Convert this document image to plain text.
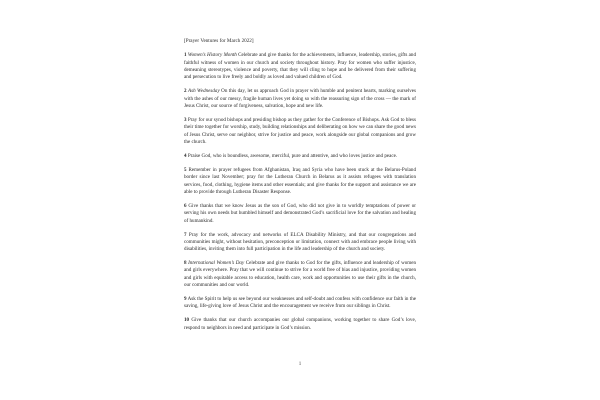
[Prayer Ventures for March 2022]

1 Women’s History Month Celebrate and give thanks for the achievements, influence, leadership, stories, gifts and faithful witness of women in our church and society throughout history. Pray for women who suffer injustice, demeaning stereotypes, violence and poverty, that they will cling to hope and be delivered from their suffering and persecution to live freely and boldly as loved and valued children of God.

2 Ash Wednesday On this day, let us approach God in prayer with humble and penitent hearts, marking ourselves with the ashes of our messy, fragile human lives yet doing so with the reassuring sign of the cross — the mark of Jesus Christ, our source of forgiveness, salvation, hope and new life.

3 Pray for our synod bishops and presiding bishop as they gather for the Conference of Bishops. Ask God to bless their time together for worship, study, building relationships and deliberating on how we can share the good news of Jesus Christ, serve our neighbor, strive for justice and peace, work alongside our global companions and grow the church.

4 Praise God, who is boundless, awesome, merciful, pure and attentive, and who loves justice and peace.

5 Remember in prayer refugees from Afghanistan, Iraq and Syria who have been stuck at the Belarus-Poland border since last November; pray for the Lutheran Church in Belarus as it assists refugees with translation services, food, clothing, hygiene items and other essentials; and give thanks for the support and assistance we are able to provide through Lutheran Disaster Response.

6 Give thanks that we know Jesus as the son of God, who did not give in to worldly temptations of power or serving his own needs but humbled himself and demonstrated God’s sacrificial love for the salvation and healing of humankind.

7 Pray for the work, advocacy and networks of ELCA Disability Ministry, and that our congregations and communities might, without hesitation, preconception or limitation, connect with and embrace people living with disabilities, inviting them into full participation in the life and leadership of the church and society.

8 International Women’s Day Celebrate and give thanks to God for the gifts, influence and leadership of women and girls everywhere. Pray that we will continue to strive for a world free of bias and injustice, providing women and girls with equitable access to education, health care, work and opportunities to use their gifts in the church, our communities and our world.

9 Ask the Spirit to help us see beyond our weaknesses and self-doubt and confess with confidence our faith in the saving, life-giving love of Jesus Christ and the encouragement we receive from our siblings in Christ.

10 Give thanks that our church accompanies our global companions, working together to share God’s love, respond to neighbors in need and participate in God’s mission.

1
